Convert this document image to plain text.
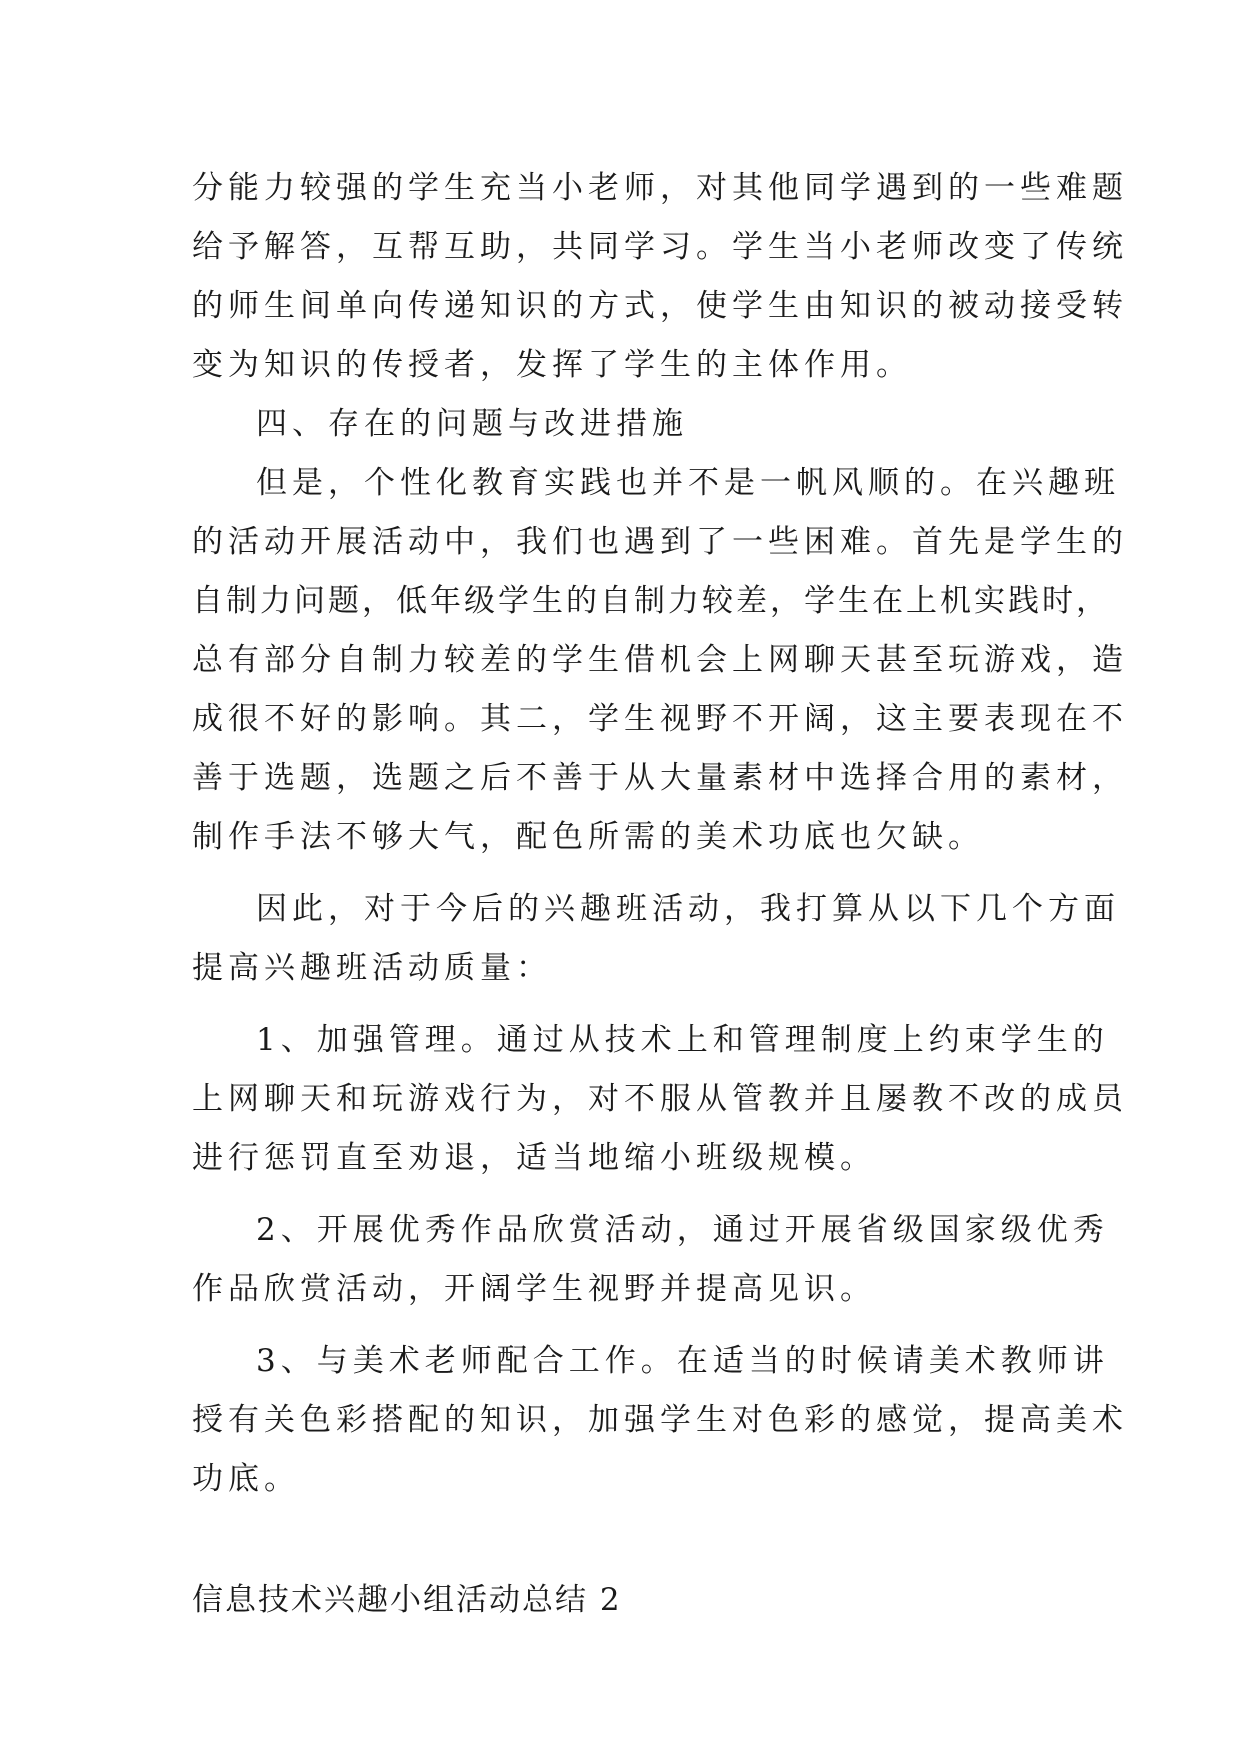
分能力较强的学生充当小老师，对其他同学遇到的一些难题
给予解答，互帮互助，共同学习。学生当小老师改变了传统
的师生间单向传递知识的方式，使学生由知识的被动接受转
变为知识的传授者，发挥了学生的主体作用。
四、存在的问题与改进措施
但是，个性化教育实践也并不是一帆风顺的。在兴趣班
的活动开展活动中，我们也遇到了一些困难。首先是学生的
自制力问题，低年级学生的自制力较差，学生在上机实践时，
总有部分自制力较差的学生借机会上网聊天甚至玩游戏，造
成很不好的影响。其二，学生视野不开阔，这主要表现在不
善于选题，选题之后不善于从大量素材中选择合用的素材，
制作手法不够大气，配色所需的美术功底也欠缺。
因此，对于今后的兴趣班活动，我打算从以下几个方面
提高兴趣班活动质量：
1、加强管理。通过从技术上和管理制度上约束学生的
上网聊天和玩游戏行为，对不服从管教并且屡教不改的成员
进行惩罚直至劝退，适当地缩小班级规模。
2、开展优秀作品欣赏活动，通过开展省级国家级优秀
作品欣赏活动，开阔学生视野并提高见识。
3、与美术老师配合工作。在适当的时候请美术教师讲
授有关色彩搭配的知识，加强学生对色彩的感觉，提高美术
功底。
信息技术兴趣小组活动总结 2
